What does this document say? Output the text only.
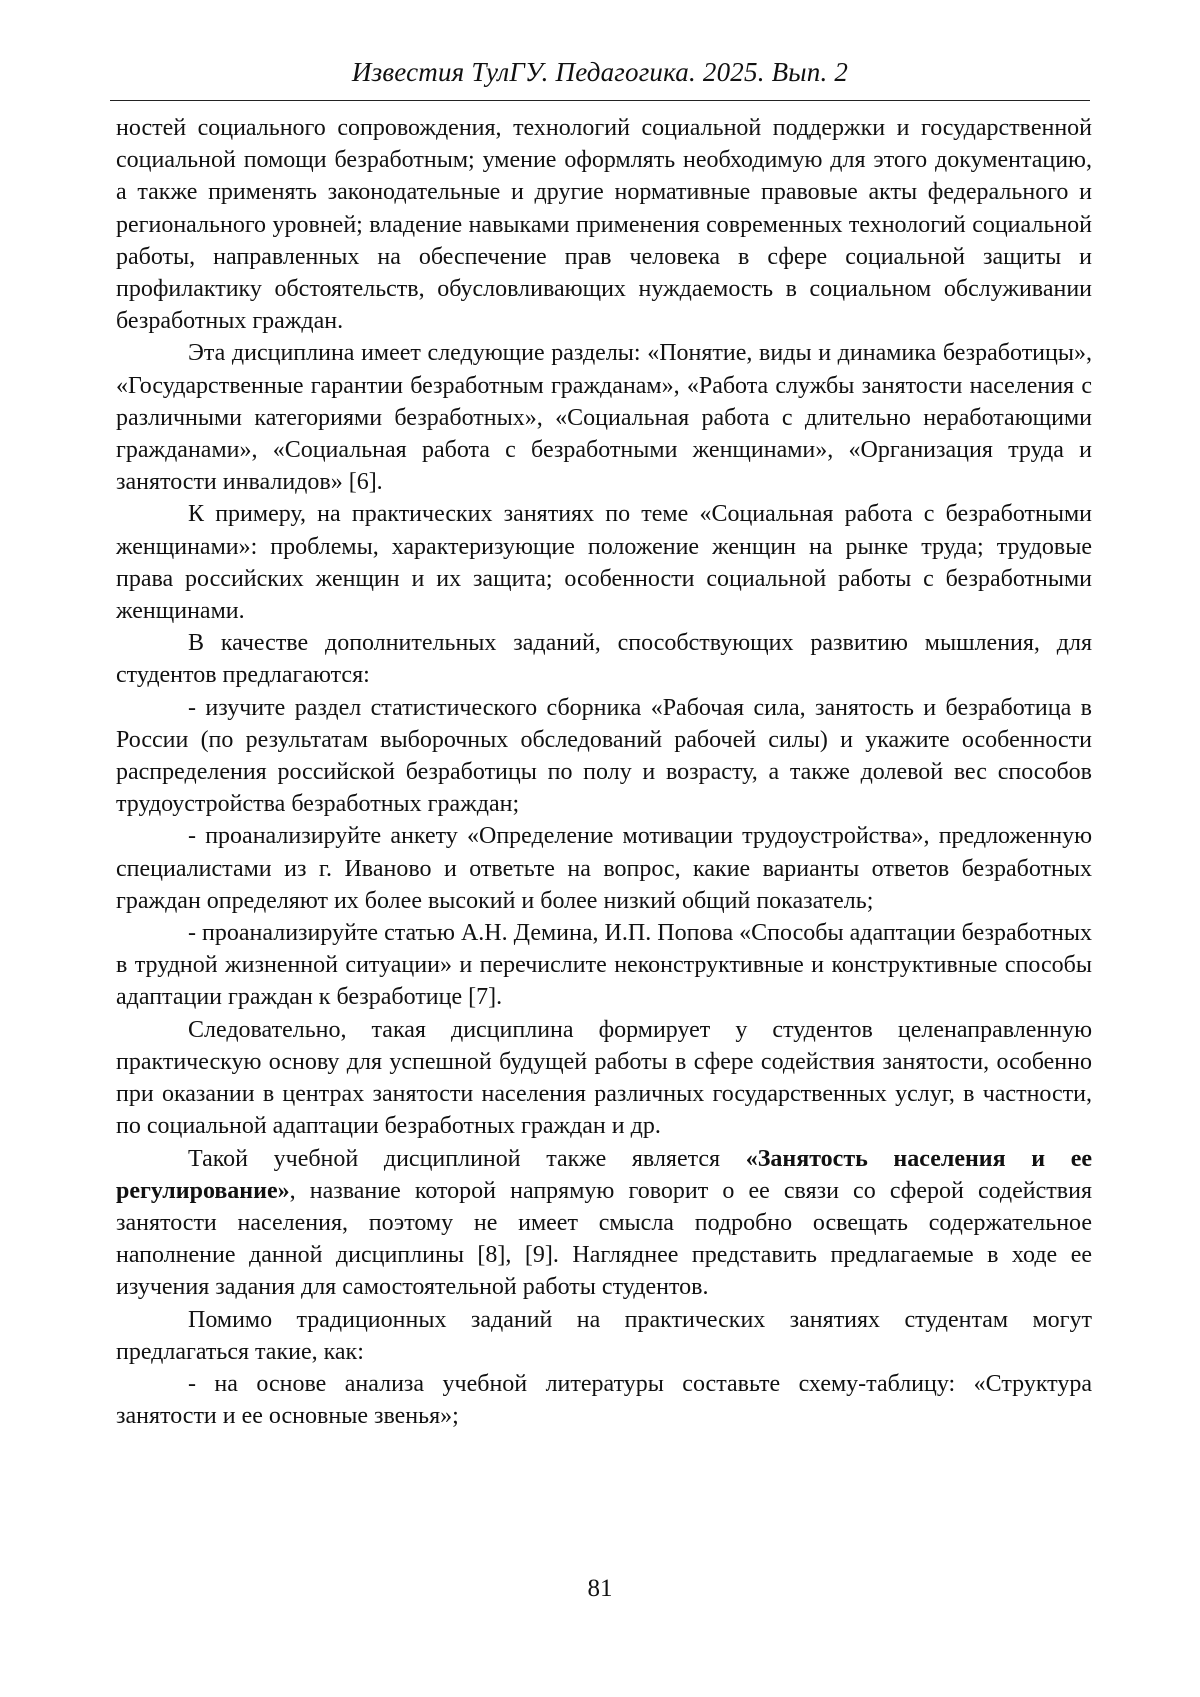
Известия ТулГУ. Педагогика. 2025. Вып. 2

ностей социального сопровождения, технологий социальной поддержки и государственной социальной помощи безработным; умение оформлять необходимую для этого документацию, а также применять законодательные и другие нормативные правовые акты федерального и регионального уровней; владение навыками применения современных технологий социальной работы, направленных на обеспечение прав человека в сфере социальной защиты и профилактику обстоятельств, обусловливающих нуждаемость в социальном обслуживании безработных граждан.

Эта дисциплина имеет следующие разделы: «Понятие, виды и динамика безработицы», «Государственные гарантии безработным гражданам», «Работа службы занятости населения с различными категориями безработных», «Социальная работа с длительно неработающими гражданами», «Социальная работа с безработными женщинами», «Организация труда и занятости инвалидов» [6].

К примеру, на практических занятиях по теме «Социальная работа с безработными женщинами»: проблемы, характеризующие положение женщин на рынке труда; трудовые права российских женщин и их защита; особенности социальной работы с безработными женщинами.

В качестве дополнительных заданий, способствующих развитию мышления, для студентов предлагаются:

- изучите раздел статистического сборника «Рабочая сила, занятость и безработица в России (по результатам выборочных обследований рабочей силы) и укажите особенности распределения российской безработицы по полу и возрасту, а также долевой вес способов трудоустройства безработных граждан;

- проанализируйте анкету «Определение мотивации трудоустройства», предложенную специалистами из г. Иваново и ответьте на вопрос, какие варианты ответов безработных граждан определяют их более высокий и более низкий общий показатель;

- проанализируйте статью А.Н. Демина, И.П. Попова «Способы адаптации безработных в трудной жизненной ситуации» и перечислите неконструктивные и конструктивные способы адаптации граждан к безработице [7].

Следовательно, такая дисциплина формирует у студентов целенаправленную практическую основу для успешной будущей работы в сфере содействия занятости, особенно при оказании в центрах занятости населения различных государственных услуг, в частности, по социальной адаптации безработных граждан и др.

Такой учебной дисциплиной также является «Занятость населения и ее регулирование», название которой напрямую говорит о ее связи со сферой содействия занятости населения, поэтому не имеет смысла подробно освещать содержательное наполнение данной дисциплины [8], [9]. Нагляднее представить предлагаемые в ходе ее изучения задания для самостоятельной работы студентов.

Помимо традиционных заданий на практических занятиях студентам могут предлагаться такие, как:

- на основе анализа учебной литературы составьте схему-таблицу: «Структура занятости и ее основные звенья»;

81
